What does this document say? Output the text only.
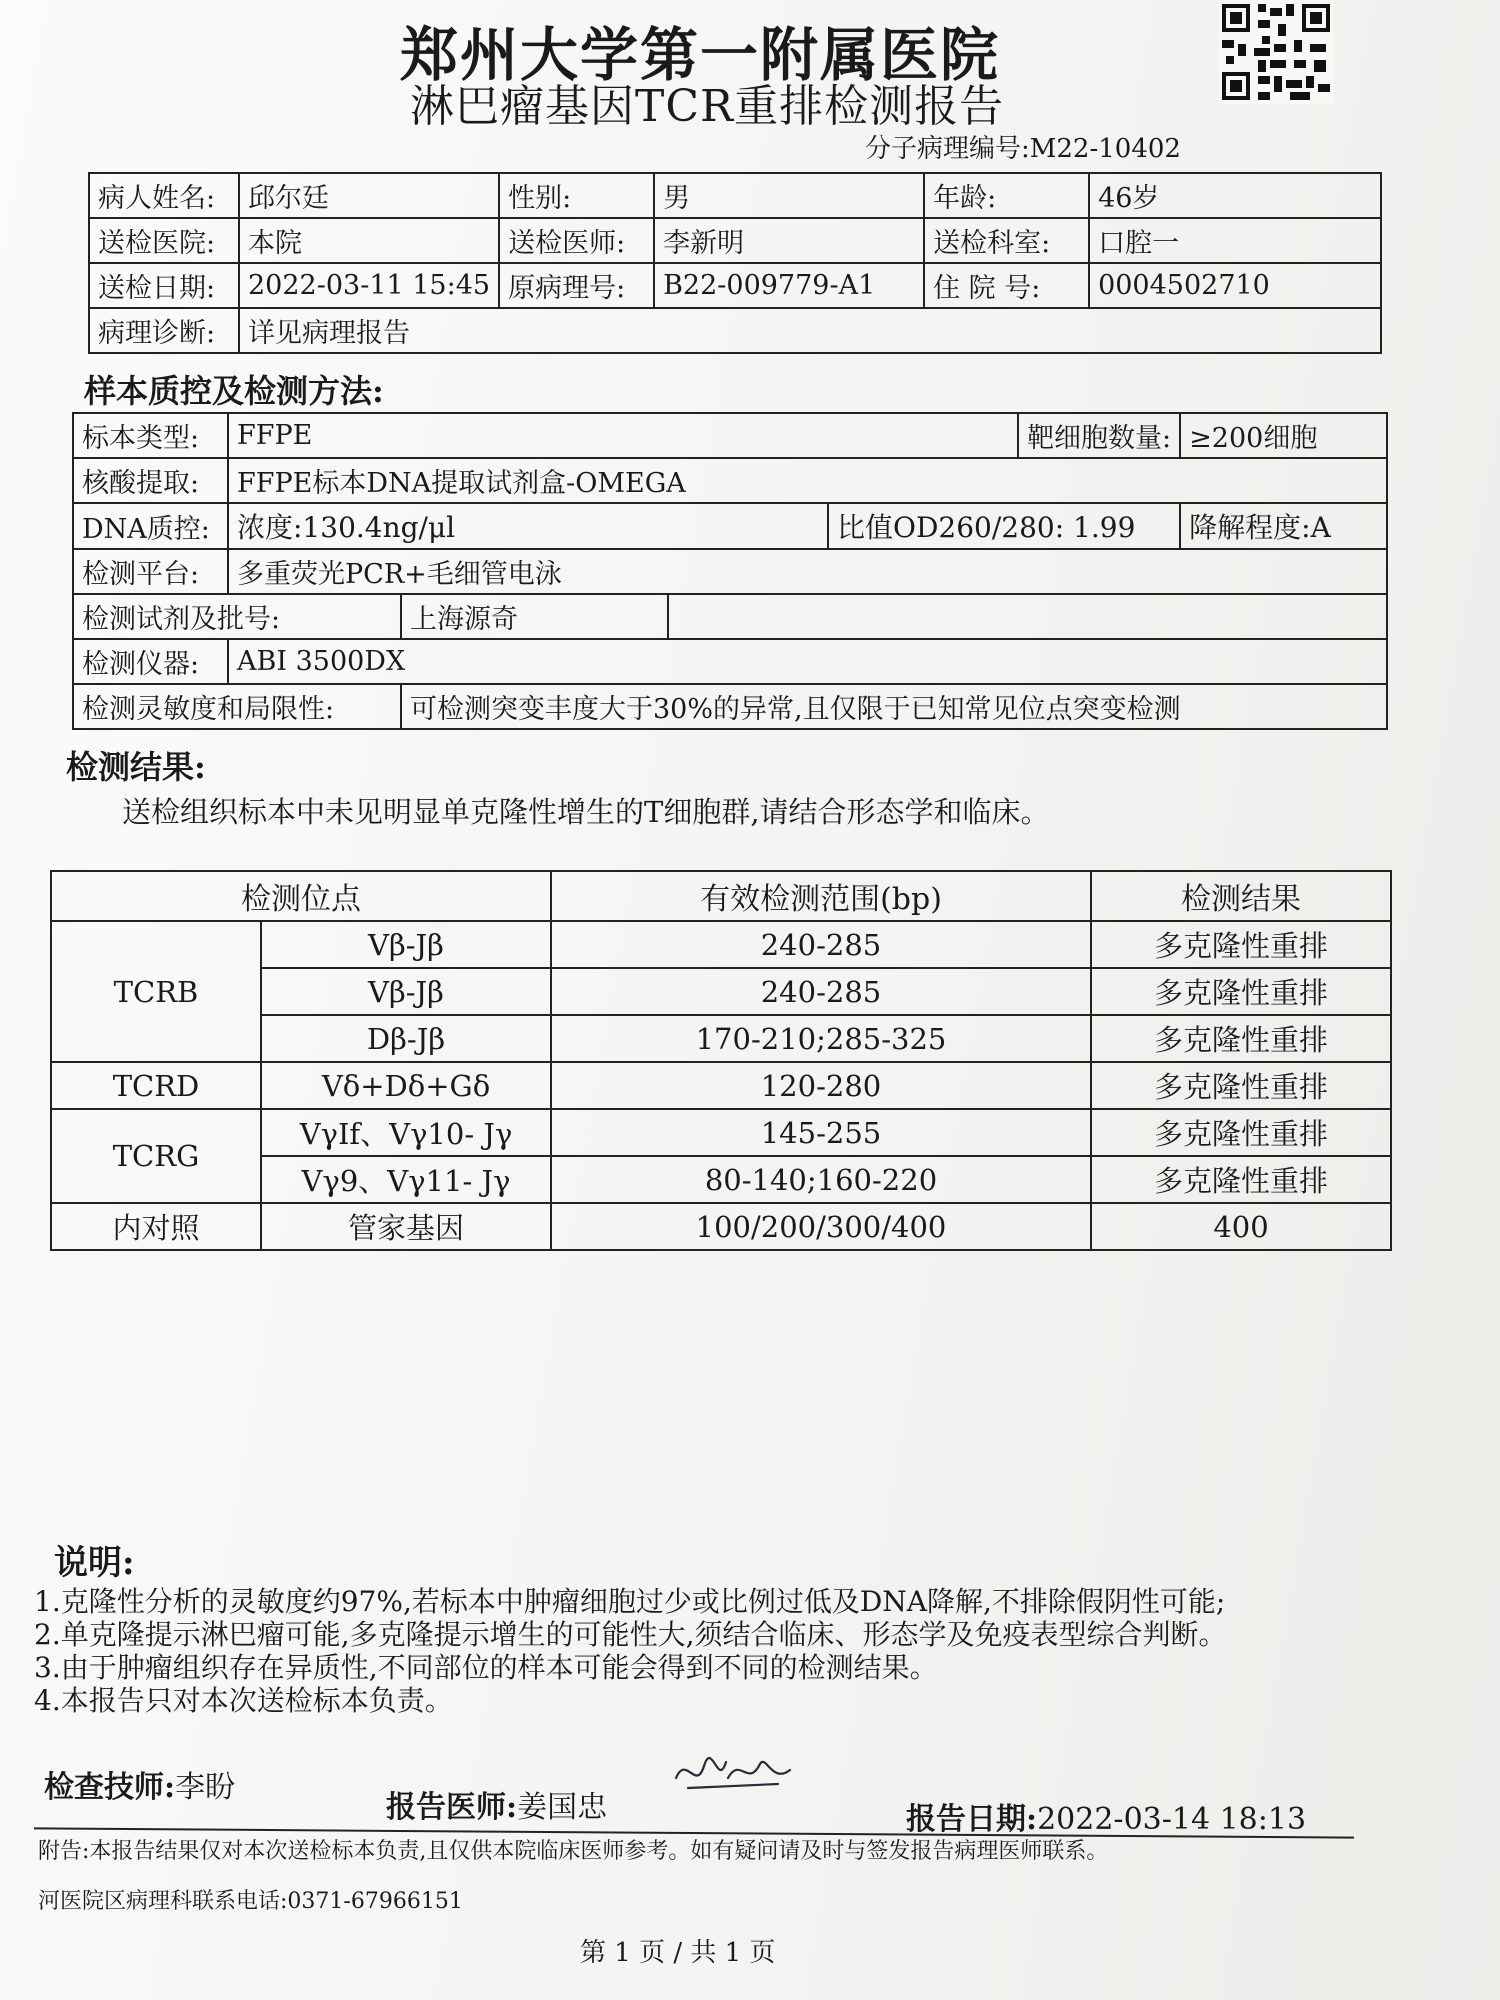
郑州大学第一附属医院
淋巴瘤基因TCR重排检测报告
分子病理编号:M22-10402
病人姓名:	邱尔廷	性别:	男	年龄:	46岁
送检医院:	本院	送检医师:	李新明	送检科室:	口腔一
送检日期:	2022-03-11 15:45	原病理号:	B22-009779-A1	住 院 号:	0004502710
病理诊断:	详见病理报告				
样本质控及检测方法:
标本类型:	FFPE			靶细胞数量:	≥200细胞
核酸提取:	FFPE标本DNA提取试剂盒-OMEGA				
DNA质控:	浓度:130.4ng/μl		比值OD260/280: 1.99		降解程度:A
检测平台:	多重荧光PCR+毛细管电泳				

检测试剂及批号: 上海源奇					

检测仪器:	ABI 3500DX				

检测灵敏度和局限性: 可检测突变丰度大于30%的异常,且仅限于已知常见位点突变检测					
检测结果:
送检组织标本中未见明显单克隆性增生的T细胞群,请结合形态学和临床。
检测位点		有效检测范围(bp)	检测结果
TCRB	Vβ-Jβ	240-285	多克隆性重排
	Vβ-Jβ	240-285	多克隆性重排
	Dβ-Jβ	170-210;285-325	多克隆性重排
TCRD	Vδ+Dδ+Gδ	120-280	多克隆性重排
TCRG	VγIf、Vγ10- Jγ	145-255	多克隆性重排
	Vγ9、Vγ11- Jγ	80-140;160-220	多克隆性重排
内对照	管家基因	100/200/300/400	400
说明:
1.克隆性分析的灵敏度约97%,若标本中肿瘤细胞过少或比例过低及DNA降解,不排除假阴性可能;
2.单克隆提示淋巴瘤可能,多克隆提示增生的可能性大,须结合临床、形态学及免疫表型综合判断。
3.由于肿瘤组织存在异质性,不同部位的样本可能会得到不同的检测结果。
4.本报告只对本次送检标本负责。
检查技师:李盼
报告医师:姜国忠	报告日期:2022-03-14 18:13
附告:本报告结果仅对本次送检标本负责,且仅供本院临床医师参考。如有疑问请及时与签发报告病理医师联系。
河医院区病理科联系电话:0371-67966151
第 1 页 / 共 1 页
